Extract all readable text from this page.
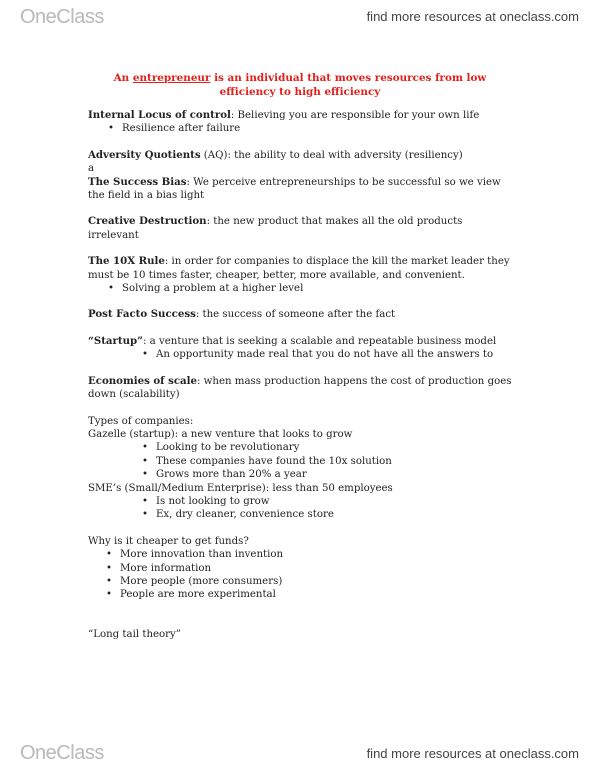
OneClass	find more resources at oneclass.com
An entrepreneur is an individual that moves resources from low efficiency to high efficiency

Internal Locus of control: Believing you are responsible for your own life

• Resilience after failure

Adversity Quotients (AQ): the ability to deal with adversity (resiliency)

a

The Success Bias: We perceive entrepreneurships to be successful so we view the field in a bias light

Creative Destruction: the new product that makes all the old products irrelevant

The 10X Rule: in order for companies to displace the kill the market leader they must be 10 times faster, cheaper, better, more available, and convenient.

• Solving a problem at a higher level

Post Facto Success: the success of someone after the fact

“Startup”: a venture that is seeking a scalable and repeatable business model

• An opportunity made real that you do not have all the answers to

Economies of scale: when mass production happens the cost of production goes down (scalability)

Types of companies:

Gazelle (startup): a new venture that looks to grow

• Looking to be revolutionary
• These companies have found the 10x solution
• Grows more than 20% a year

SME’s (Small/Medium Enterprise): less than 50 employees

• Is not looking to grow
• Ex, dry cleaner, convenience store

Why is it cheaper to get funds?

• More innovation than invention
• More information
• More people (more consumers)
• People are more experimental

“Long tail theory”

OneClass	find more resources at oneclass.com
